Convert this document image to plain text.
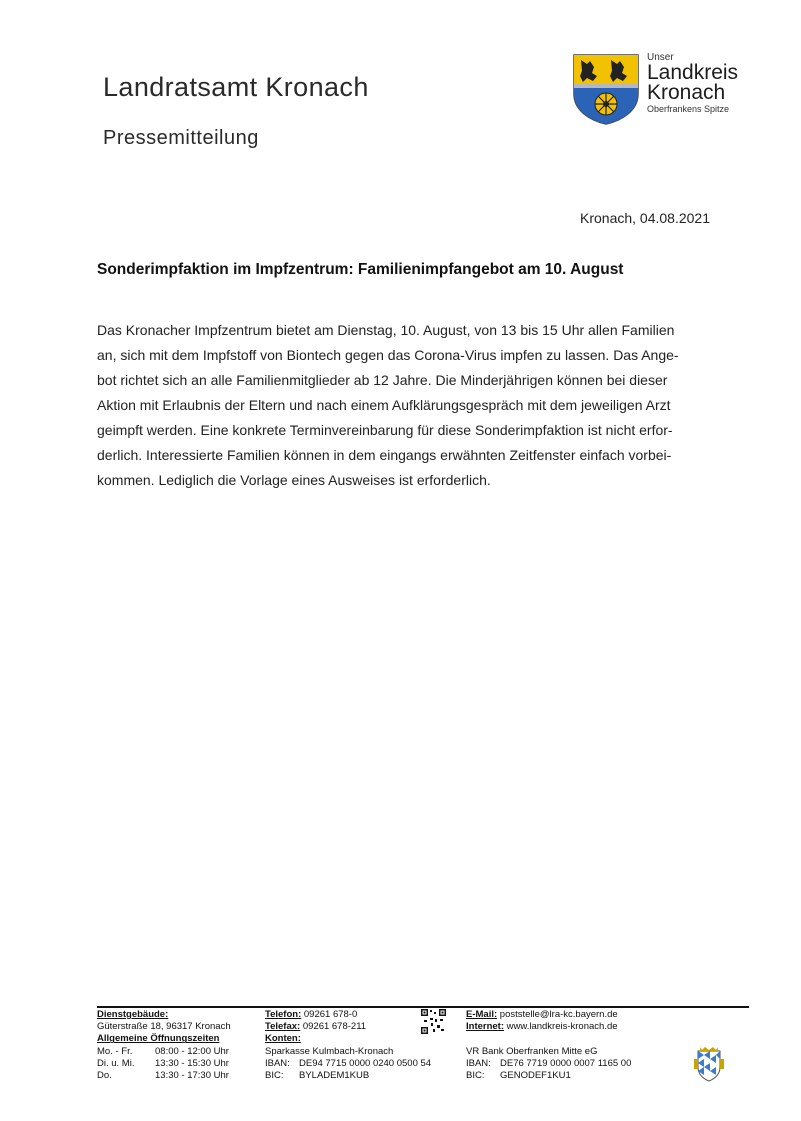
Landratsamt Kronach
Pressemitteilung
Unser
Landkreis
Kronach
Oberfrankens Spitze
Kronach, 04.08.2021
Sonderimpfaktion im Impfzentrum: Familienimpfangebot am 10. August

Das Kronacher Impfzentrum bietet am Dienstag, 10. August, von 13 bis 15 Uhr allen Familien
an, sich mit dem Impfstoff von Biontech gegen das Corona-Virus impfen zu lassen. Das Ange-
bot richtet sich an alle Familienmitglieder ab 12 Jahre. Die Minderjährigen können bei dieser
Aktion mit Erlaubnis der Eltern und nach einem Aufklärungsgespräch mit dem jeweiligen Arzt
geimpft werden. Eine konkrete Terminvereinbarung für diese Sonderimpfaktion ist nicht erfor-
derlich. Interessierte Familien können in dem eingangs erwähnten Zeitfenster einfach vorbei-
kommen. Lediglich die Vorlage eines Ausweises ist erforderlich.

Dienstgebäude:
Güterstraße 18, 96317 Kronach
Allgemeine Öffnungszeiten
Mo. - Fr. 08:00 - 12:00 Uhr
Di. u. Mi. 13:30 - 15:30 Uhr
Do.	13:30 - 17:30 Uhr
Telefon: 09261 678-0
Telefax: 09261 678-211
Konten:
Sparkasse Kulmbach-Kronach
IBAN: DE94 7715 0000 0240 0500 54
BIC: BYLADEM1KUB
E-Mail: poststelle@lra-kc.bayern.de
Internet: www.landkreis-kronach.de
VR Bank Oberfranken Mitte eG
IBAN: DE76 7719 0000 0007 1165 00
BIC: GENODEF1KU1
